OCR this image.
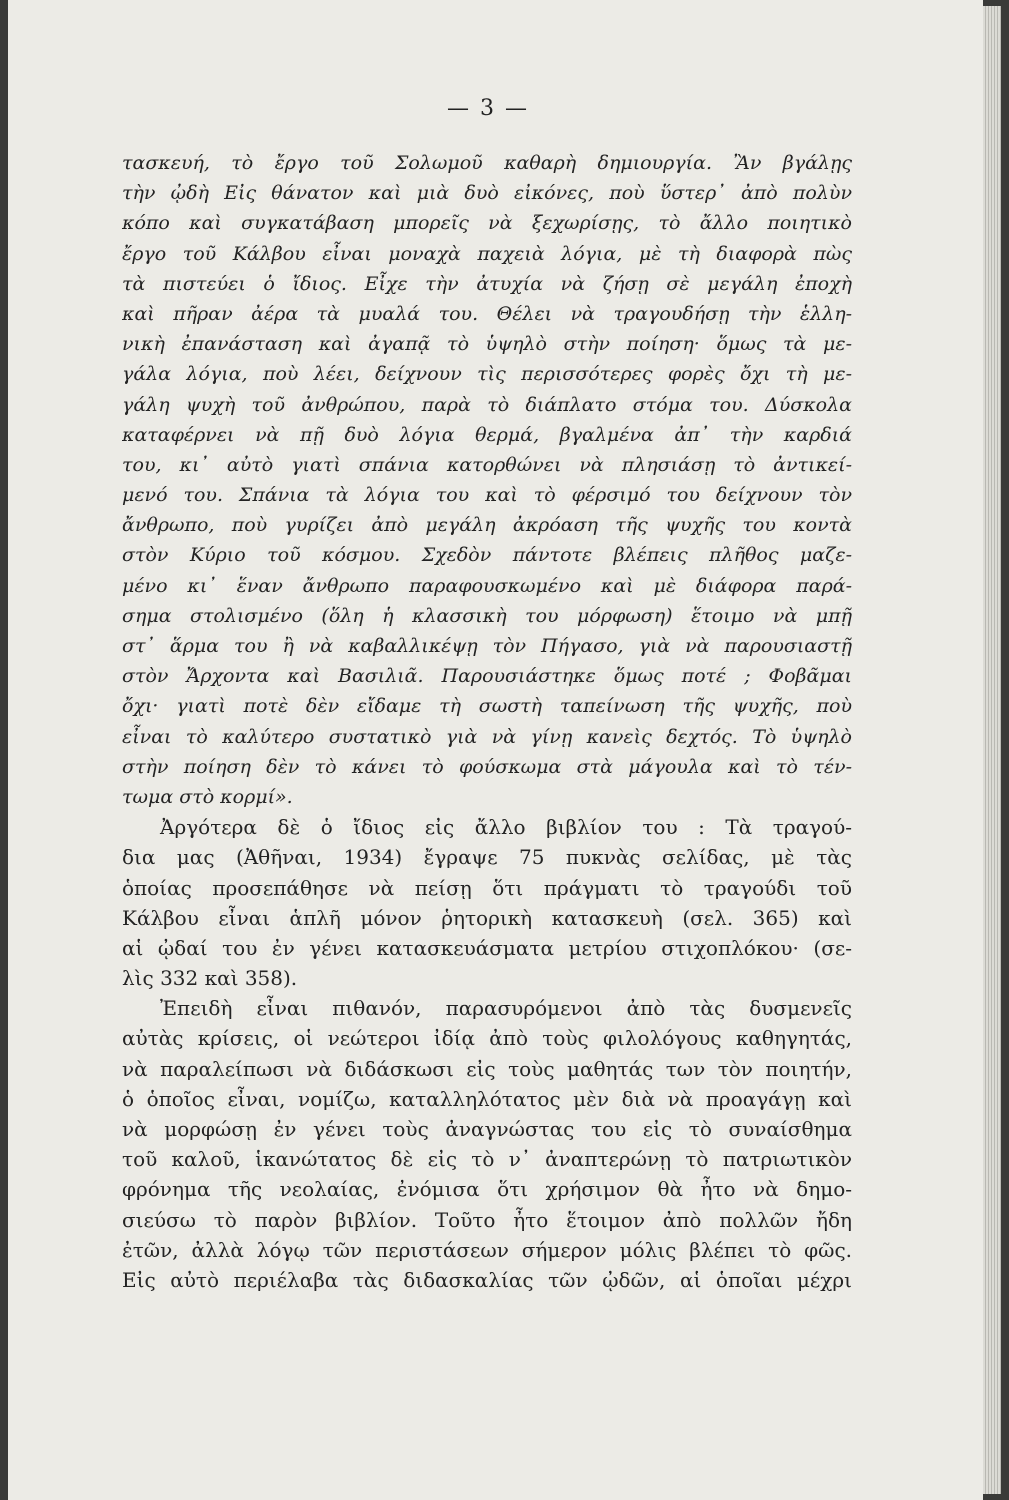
— 3 —
τασκευή, τὸ ἔργο τοῦ Σολωμοῦ καθαρὴ δημιουργία. Ἂν βγάλῃς
τὴν ᾠδὴ Εἰς θάνατον καὶ μιὰ δυὸ εἰκόνες, ποὺ ὕστερ᾽ ἀπὸ πολὺν
κόπο καὶ συγκατάβαση μπορεῖς νὰ ξεχωρίσῃς, τὸ ἄλλο ποιητικὸ
ἔργο τοῦ Κάλβου εἶναι μοναχὰ παχειὰ λόγια, μὲ τὴ διαφορὰ πὼς
τὰ πιστεύει ὁ ἴδιος. Εἶχε τὴν ἀτυχία νὰ ζήσῃ σὲ μεγάλη ἐποχὴ
καὶ πῆραν ἀέρα τὰ μυαλά του. Θέλει νὰ τραγουδήσῃ τὴν ἑλλη-
νικὴ ἐπανάσταση καὶ ἀγαπᾷ τὸ ὑψηλὸ στὴν ποίηση· ὅμως τὰ με-
γάλα λόγια, ποὺ λέει, δείχνουν τὶς περισσότερες φορὲς ὄχι τὴ με-
γάλη ψυχὴ τοῦ ἀνθρώπου, παρὰ τὸ διάπλατο στόμα του. Δύσκολα
καταφέρνει νὰ πῇ δυὸ λόγια θερμά, βγαλμένα ἀπ᾽ τὴν καρδιά
του, κι᾽ αὐτὸ γιατὶ σπάνια κατορθώνει νὰ πλησιάσῃ τὸ ἀντικεί-
μενό του. Σπάνια τὰ λόγια του καὶ τὸ φέρσιμό του δείχνουν τὸν
ἄνθρωπο, ποὺ γυρίζει ἀπὸ μεγάλη ἀκρόαση τῆς ψυχῆς του κοντὰ
στὸν Κύριο τοῦ κόσμου. Σχεδὸν πάντοτε βλέπεις πλῆθος μαζε-
μένο κι᾽ ἕναν ἄνθρωπο παραφουσκωμένο καὶ μὲ διάφορα παρά-
σημα στολισμένο (ὅλη ἡ κλασσικὴ του μόρφωση) ἕτοιμο νὰ μπῇ
στ᾽ ἅρμα του ἢ νὰ καβαλλικέψῃ τὸν Πήγασο, γιὰ νὰ παρουσιαστῇ
στὸν Ἄρχοντα καὶ Βασιλιᾶ. Παρουσιάστηκε ὅμως ποτέ ; Φοβᾶμαι
ὄχι· γιατὶ ποτὲ δὲν εἴδαμε τὴ σωστὴ ταπείνωση τῆς ψυχῆς, ποὺ
εἶναι τὸ καλύτερο συστατικὸ γιὰ νὰ γίνῃ κανεὶς δεχτός. Τὸ ὑψηλὸ
στὴν ποίηση δὲν τὸ κάνει τὸ φούσκωμα στὰ μάγουλα καὶ τὸ τέν-
τωμα στὸ κορμί».
Ἀργότερα δὲ ὁ ἴδιος εἰς ἄλλο βιβλίον του : Τὰ τραγού-
δια μας (Ἀθῆναι, 1934) ἔγραψε 75 πυκνὰς σελίδας, μὲ τὰς
ὁποίας προσεπάθησε νὰ πείσῃ ὅτι πράγματι τὸ τραγούδι τοῦ
Κάλβου εἶναι ἁπλῆ μόνον ῥητορικὴ κατασκευὴ (σελ. 365) καὶ
αἱ ᾠδαί του ἐν γένει κατασκευάσματα μετρίου στιχοπλόκου· (σε-
λὶς 332 καὶ 358).
Ἐπειδὴ εἶναι πιθανόν, παρασυρόμενοι ἀπὸ τὰς δυσμενεῖς
αὐτὰς κρίσεις, οἱ νεώτεροι ἰδίᾳ ἀπὸ τοὺς φιλολόγους καθηγητάς,
νὰ παραλείπωσι νὰ διδάσκωσι εἰς τοὺς μαθητάς των τὸν ποιητήν,
ὁ ὁποῖος εἶναι, νομίζω, καταλληλότατος μὲν διὰ νὰ προαγάγῃ καὶ
νὰ μορφώσῃ ἐν γένει τοὺς ἀναγνώστας του εἰς τὸ συναίσθημα
τοῦ καλοῦ, ἱκανώτατος δὲ εἰς τὸ ν᾽ ἀναπτερώνῃ τὸ πατριωτικὸν
φρόνημα τῆς νεολαίας, ἐνόμισα ὅτι χρήσιμον θὰ ἦτο νὰ δημο-
σιεύσω τὸ παρὸν βιβλίον. Τοῦτο ἦτο ἕτοιμον ἀπὸ πολλῶν ἤδη
ἐτῶν, ἀλλὰ λόγῳ τῶν περιστάσεων σήμερον μόλις βλέπει τὸ φῶς.
Εἰς αὐτὸ περιέλαβα τὰς διδασκαλίας τῶν ᾠδῶν, αἱ ὁποῖαι μέχρι
